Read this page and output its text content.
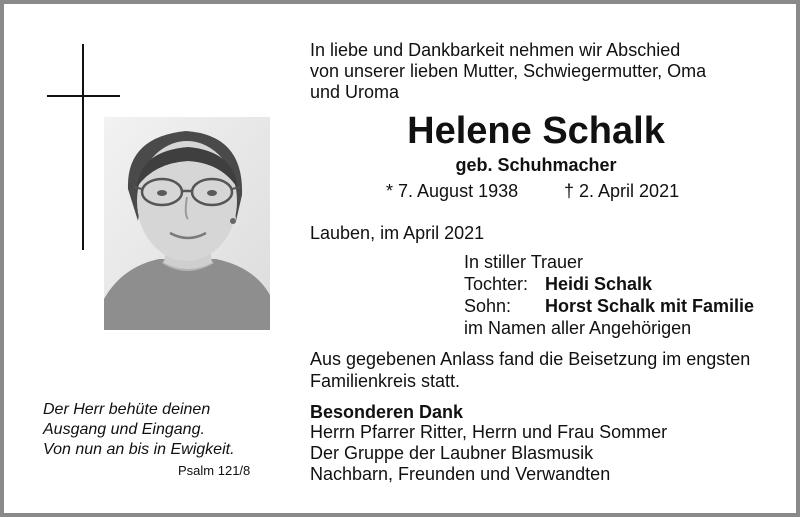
In liebe und Dankbarkeit nehmen wir Abschied
von unserer lieben Mutter, Schwiegermutter, Oma
und Uroma
Helene Schalk
geb. Schuhmacher
* 7. August 1938	† 2. April 2021
Lauben, im April 2021
In stiller Trauer
Tochter: Heidi Schalk
Sohn: Horst Schalk mit Familie
im Namen aller Angehörigen
Aus gegebenen Anlass fand die Beisetzung im engsten Familienkreis statt.
Besonderen Dank
Herrn Pfarrer Ritter, Herrn und Frau Sommer
Der Gruppe der Laubner Blasmusik
Nachbarn, Freunden und Verwandten
Der Herr behüte deinen
Ausgang und Eingang.
Von nun an bis in Ewigkeit.
Psalm 121/8
